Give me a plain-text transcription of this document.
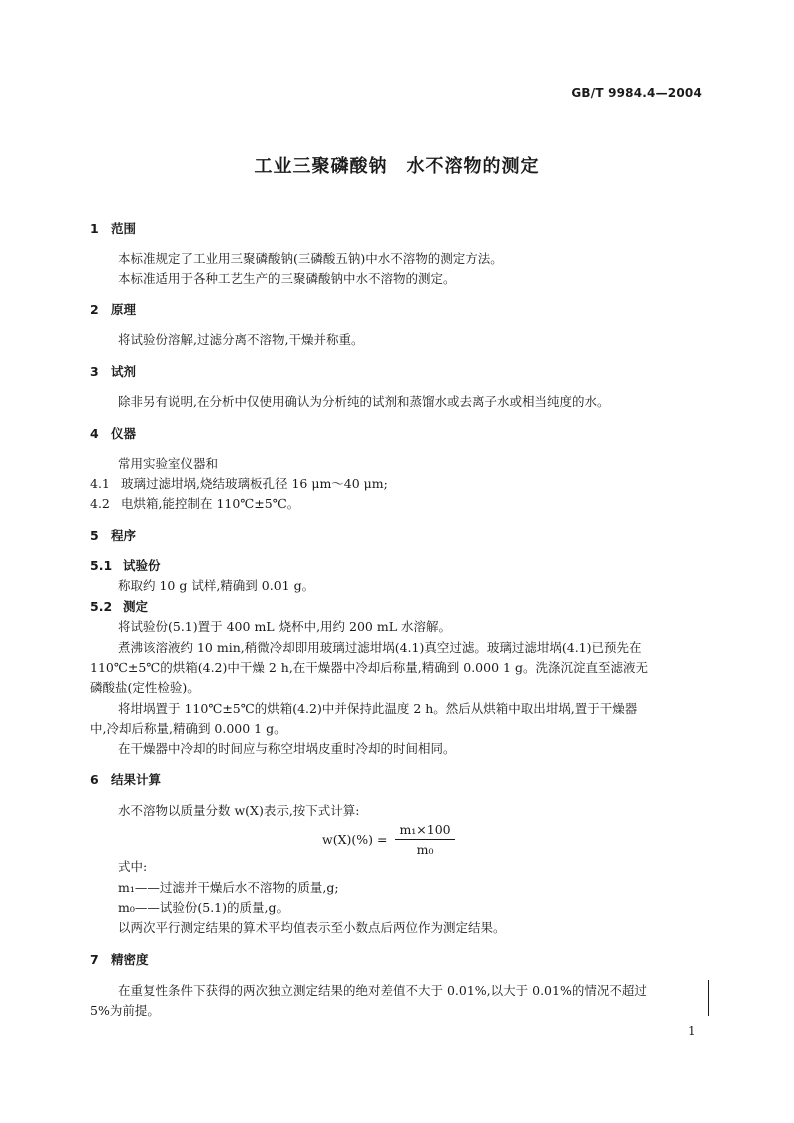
GB/T 9984.4—2004
工业三聚磷酸钠　水不溶物的测定
1 范围
本标准规定了工业用三聚磷酸钠(三磷酸五钠)中水不溶物的测定方法。
本标准适用于各种工艺生产的三聚磷酸钠中水不溶物的测定。
2 原理
将试验份溶解,过滤分离不溶物,干燥并称重。
3 试剂
除非另有说明,在分析中仅使用确认为分析纯的试剂和蒸馏水或去离子水或相当纯度的水。
4 仪器
常用实验室仪器和
4.1 玻璃过滤坩埚,烧结玻璃板孔径 16 μm～40 μm;
4.2 电烘箱,能控制在 110℃±5℃。
5 程序
5.1 试验份
称取约 10 g 试样,精确到 0.01 g。
5.2 测定
将试验份(5.1)置于 400 mL 烧杯中,用约 200 mL 水溶解。
煮沸该溶液约 10 min,稍微冷却即用玻璃过滤坩埚(4.1)真空过滤。玻璃过滤坩埚(4.1)已预先在
110℃±5℃的烘箱(4.2)中干燥 2 h,在干燥器中冷却后称量,精确到 0.000 1 g。洗涤沉淀直至滤液无
磷酸盐(定性检验)。
将坩埚置于 110℃±5℃的烘箱(4.2)中并保持此温度 2 h。然后从烘箱中取出坩埚,置于干燥器
中,冷却后称量,精确到 0.000 1 g。
在干燥器中冷却的时间应与称空坩埚皮重时冷却的时间相同。
6 结果计算
水不溶物以质量分数 w(X)表示,按下式计算:
$w(X)(\%) = \frac{\text{m₁×100}}{\text{m₀}}$
式中:
m₁——过滤并干燥后水不溶物的质量,g;
m₀——试验份(5.1)的质量,g。
以两次平行测定结果的算术平均值表示至小数点后两位作为测定结果。
7 精密度
在重复性条件下获得的两次独立测定结果的绝对差值不大于 0.01%,以大于 0.01%的情况不超过
5%为前提。
1
